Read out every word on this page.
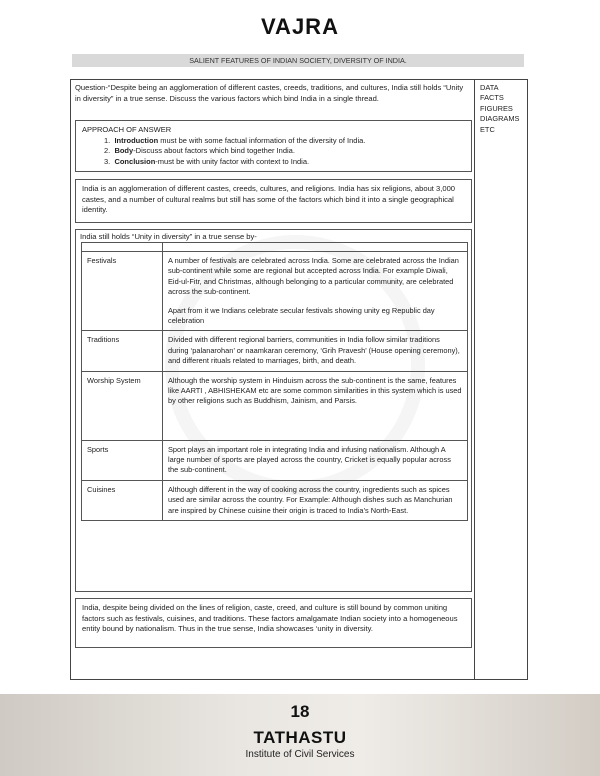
VAJRA
SALIENT FEATURES OF INDIAN SOCIETY, DIVERSITY OF INDIA.
DATA
FACTS
FIGURES
DIAGRAMS
ETC
Question-“Despite being an agglomeration of different castes, creeds, traditions, and cultures, India still holds “Unity in diversity” in a true sense. Discuss the various factors which bind India in a single thread.
APPROACH OF ANSWER
1. Introduction must be with some factual information of the diversity of India.
2. Body-Discuss about factors which bind together India.
3. Conclusion-must be with unity factor with context to India.
India is an agglomeration of different castes, creeds, cultures, and religions. India has six religions, about 3,000 castes, and a number of cultural realms but still has some of the factors which bind it into a single geographical identity.
India still holds “Unity in diversity” in a true sense by-

Festivals	A number of festivals are celebrated across India. Some are celebrated across the Indian sub-continent while some are regional but accepted across India. For example Diwali, Eid-ul-Fitr, and Christmas, although belonging to a particular community, are celebrated across the sub-continent.
Apart from it we Indians celebrate secular festivals showing unity eg Republic day celebration

Traditions	Divided with different regional barriers, communities in India follow similar traditions during ‘palanarohan’ or naamkaran ceremony, ‘Grih Pravesh’ (House opening ceremony), and different rituals related to marriages, birth, and death.
Worship System	Although the worship system in Hinduism across the sub-continent is the same, features like AARTI , ABHISHEKAM etc are some common similarities in this system which is used by other religions such as Buddhism, Jainism, and Parsis.
Sports	Sport plays an important role in integrating India and infusing nationalism. Although A large number of sports are played across the country, Cricket is equally popular across the sub-continent.
Cuisines	Although different in the way of cooking across the country, ingredients such as spices used are similar across the country. For Example: Although dishes such as Manchurian are inspired by Chinese cuisine their origin is traced to India’s North-East.
India, despite being divided on the lines of religion, caste, creed, and culture is still bound by common uniting factors such as festivals, cuisines, and traditions. These factors amalgamate Indian society into a homogeneous entity bound by nationalism. Thus in the true sense, India showcases ‘unity in diversity.
18
TATHASTU
Institute of Civil Services
